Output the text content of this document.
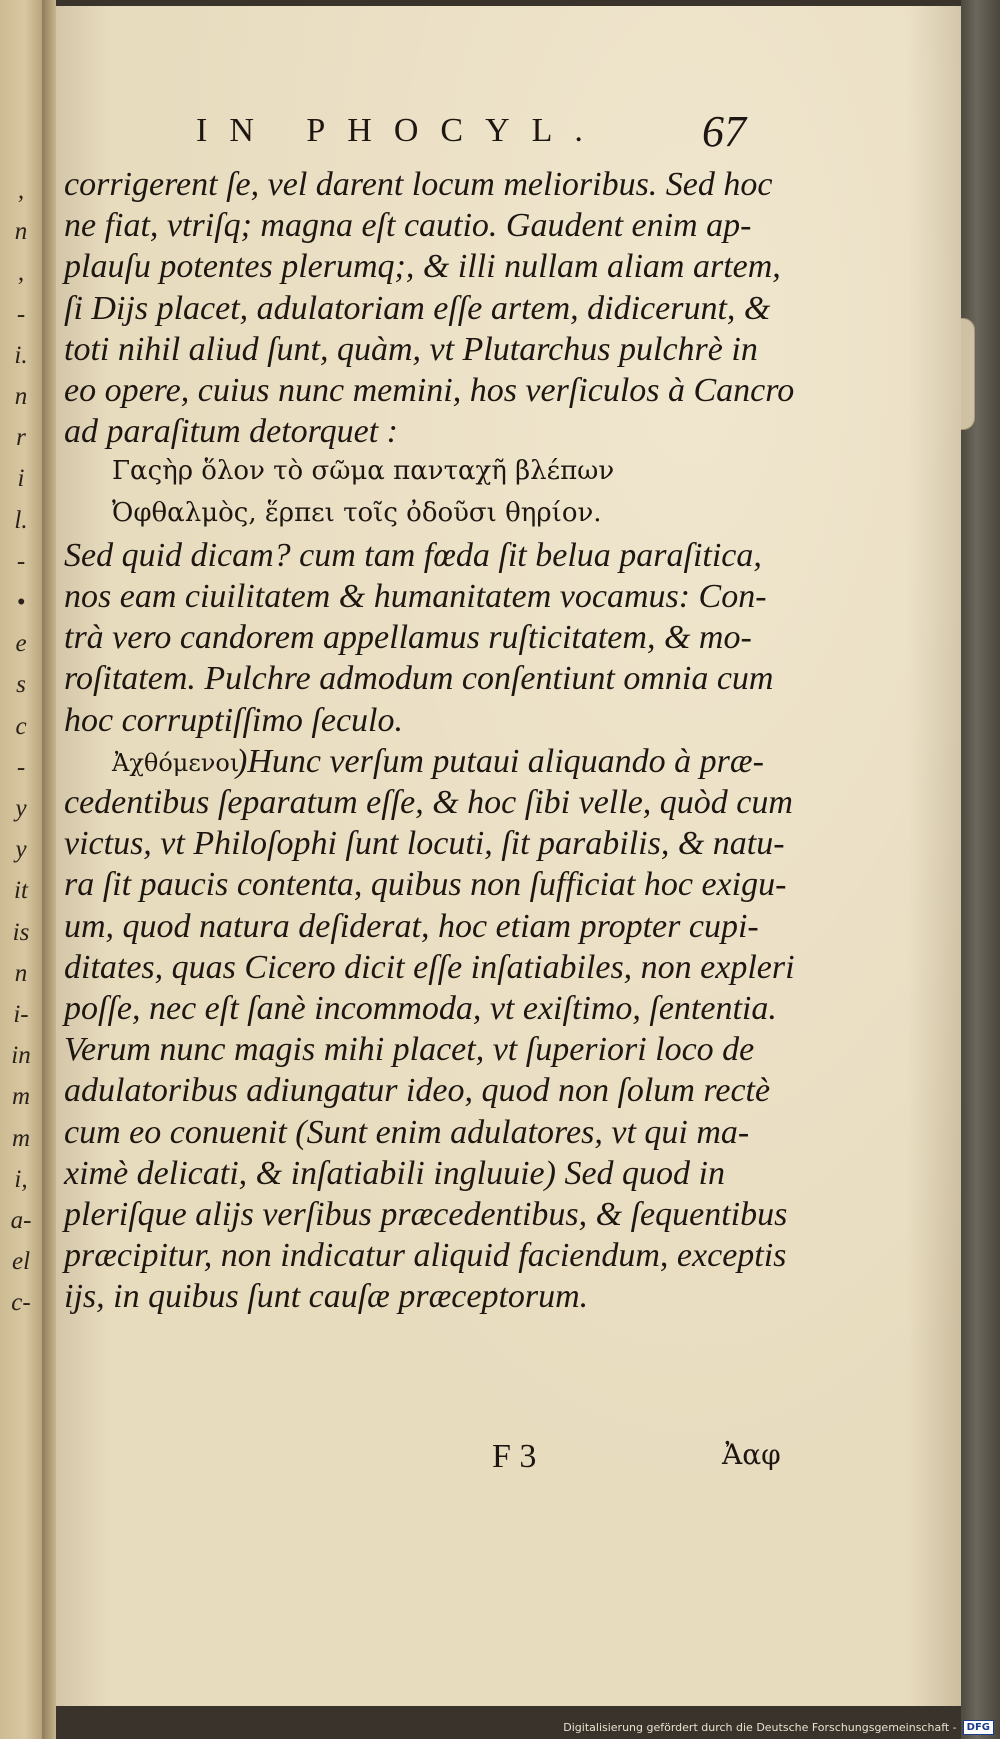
,
n
,
-
i.
n
r
i
l.
-
•
e
s
c
-
y
y
it
is
n
i-
in
m
m
i,
a-
el
c-
IN PHOCYL.	67
corrigerent ſe, vel darent locum melioribus. Sed hoc
ne fiat, vtriſq; magna eſt cautio. Gaudent enim ap-
plauſu potentes plerumq;, & illi nullam aliam artem,
ſi Dijs placet, adulatoriam eſſe artem, didicerunt, &
toti nihil aliud ſunt, quàm, vt Plutarchus pulchrè in
eo opere, cuius nunc memini, hos verſiculos à Cancro
ad paraſitum detorquet :
Γαςὴρ ὅλον τὸ σῶμα πανταχῆ βλέπων
Ὀφθαλμὸς, ἕρπει τοῖς ὀδοῦσι θηρίον.
Sed quid dicam? cum tam fœda ſit belua paraſitica,
nos eam ciuilitatem & humanitatem vocamus: Con-
trà vero candorem appellamus ruſticitatem, & mo-
roſitatem. Pulchre admodum conſentiunt omnia cum
hoc corruptiſſimo ſeculo.
Ἀχθόμενοι
)Hunc verſum putaui aliquando à præ-
cedentibus ſeparatum eſſe, & hoc ſibi velle, quòd cum
victus, vt Philoſophi ſunt locuti, ſit parabilis, & natu-
ra ſit paucis contenta, quibus non ſufficiat hoc exigu-
um, quod natura deſiderat, hoc etiam propter cupi-
ditates, quas Cicero dicit eſſe inſatiabiles, non expleri
poſſe, nec eſt ſanè incommoda, vt exiſtimo, ſententia.
Verum nunc magis mihi placet, vt ſuperiori loco de
adulatoribus adiungatur ideo, quod non ſolum rectè
cum eo conuenit (Sunt enim adulatores, vt qui ma-
ximè delicati, & inſatiabili ingluuie) Sed quod in
pleriſque alijs verſibus præcedentibus, & ſequentibus
præcipitur, non indicatur aliquid faciendum, exceptis
ijs, in quibus ſunt cauſæ præceptorum.
F 3	Ἀαφ
Digitalisierung gefördert durch die Deutsche Forschungsgemeinschaft -	DFG
